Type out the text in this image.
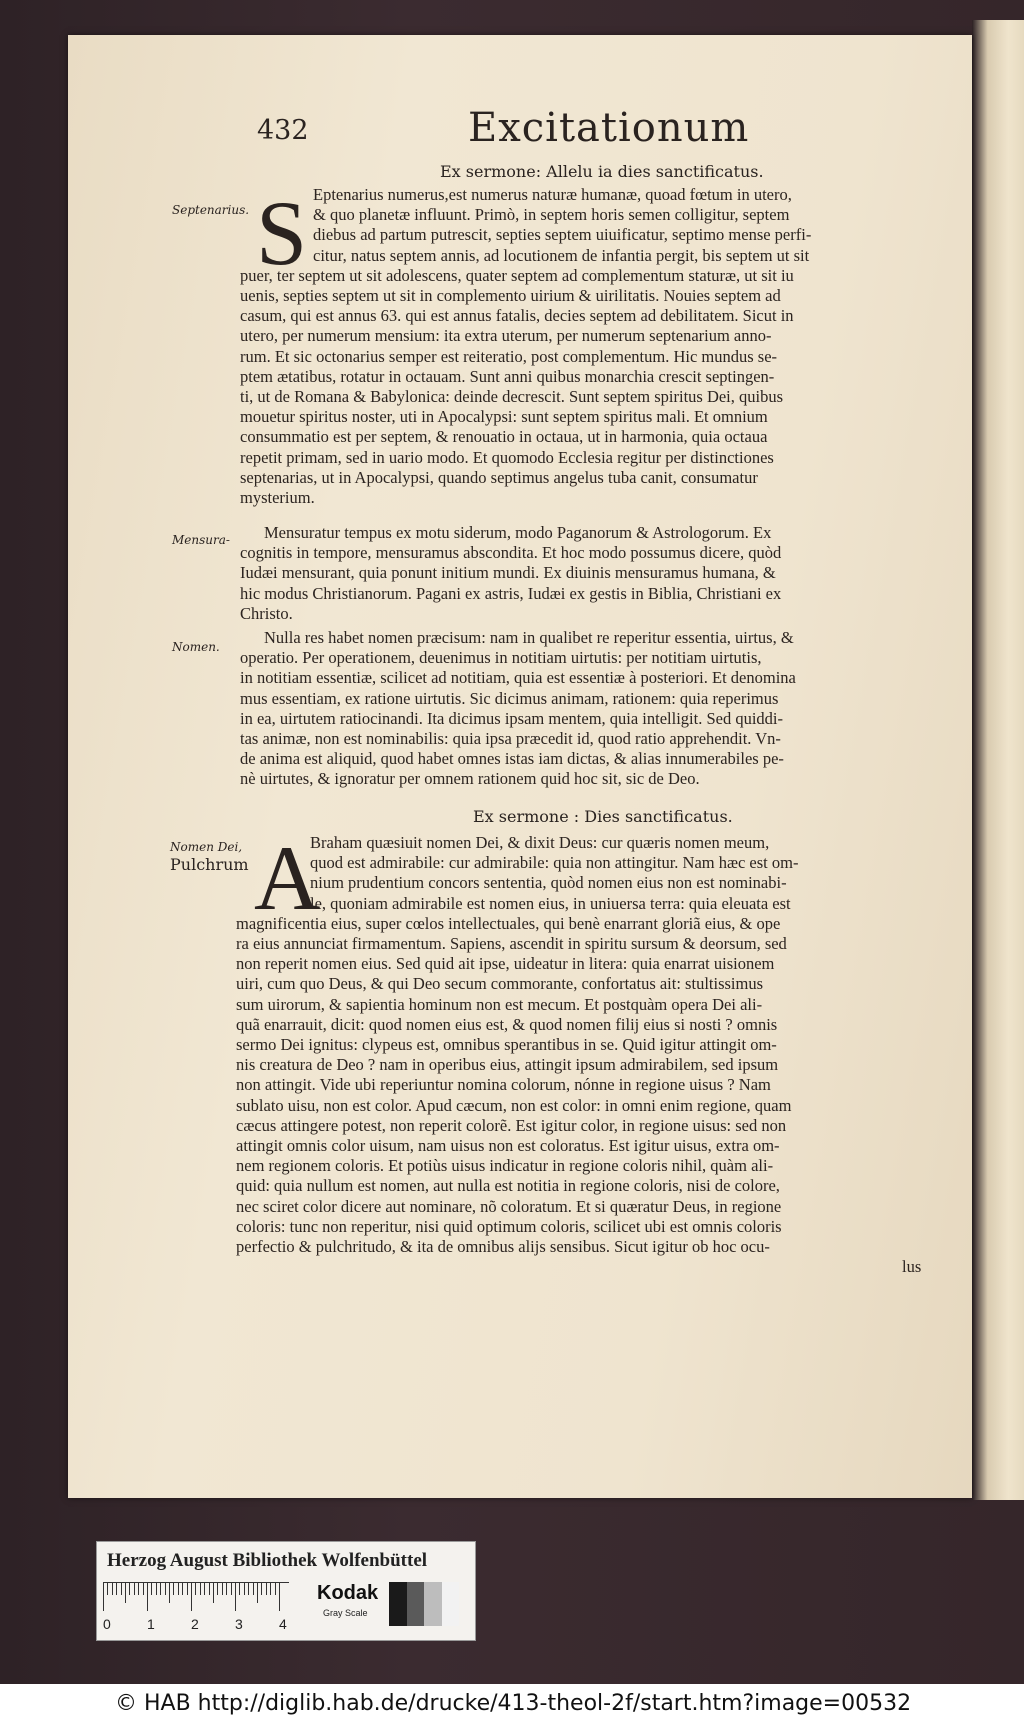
432	Excitationum
Ex sermone: Allelu ia dies sanctificatus.
Ex sermone : Dies sanctificatus.
Septenarius.
Mensura-
Nomen.
Nomen Dei,
Pulchrum
S
A
Eptenarius numerus,est numerus naturæ humanæ, quoad fœtum in utero,
& quo planetæ influunt. Primò, in septem horis semen colligitur, septem
diebus ad partum putrescit, septies septem uiuificatur, septimo mense perfi-
citur, natus septem annis, ad locutionem de infantia pergit, bis septem ut sit
puer, ter septem ut sit adolescens, quater septem ad complementum staturæ, ut sit iu
uenis, septies septem ut sit in complemento uirium & uirilitatis. Nouies septem ad
casum, qui est annus 63. qui est annus fatalis, decies septem ad debilitatem. Sicut in
utero, per numerum mensium: ita extra uterum, per numerum septenarium anno-
rum. Et sic octonarius semper est reiteratio, post complementum. Hic mundus se-
ptem ætatibus, rotatur in octauam. Sunt anni quibus monarchia crescit septingen-
ti, ut de Romana & Babylonica: deinde decrescit. Sunt septem spiritus Dei, quibus
mouetur spiritus noster, uti in Apocalypsi: sunt septem spiritus mali. Et omnium
consummatio est per septem, & renouatio in octaua, ut in harmonia, quia octaua
repetit primam, sed in uario modo. Et quomodo Ecclesia regitur per distinctiones
septenarias, ut in Apocalypsi, quando septimus angelus tuba canit, consumatur
mysterium.
Mensuratur tempus ex motu siderum, modo Paganorum & Astrologorum. Ex
cognitis in tempore, mensuramus abscondita. Et hoc modo possumus dicere, quòd
Iudæi mensurant, quia ponunt initium mundi. Ex diuinis mensuramus humana, &
hic modus Christianorum. Pagani ex astris, Iudæi ex gestis in Biblia, Christiani ex
Christo.
Nulla res habet nomen præcisum: nam in qualibet re reperitur essentia, uirtus, &
operatio. Per operationem, deuenimus in notitiam uirtutis: per notitiam uirtutis,
in notitiam essentiæ, scilicet ad notitiam, quia est essentiæ à posteriori. Et denomina
mus essentiam, ex ratione uirtutis. Sic dicimus animam, rationem: quia reperimus
in ea, uirtutem ratiocinandi. Ita dicimus ipsam mentem, quia intelligit. Sed quiddi-
tas animæ, non est nominabilis: quia ipsa præcedit id, quod ratio apprehendit. Vn-
de anima est aliquid, quod habet omnes istas iam dictas, & alias innumerabiles pe-
nè uirtutes, & ignoratur per omnem rationem quid hoc sit, sic de Deo.
Braham quæsiuit nomen Dei, & dixit Deus: cur quæris nomen meum,
quod est admirabile: cur admirabile: quia non attingitur. Nam hæc est om-
nium prudentium concors sententia, quòd nomen eius non est nominabi-
le, quoniam admirabile est nomen eius, in uniuersa terra: quia eleuata est
magnificentia eius, super cœlos intellectuales, qui benè enarrant gloriã eius, & ope
ra eius annunciat firmamentum. Sapiens, ascendit in spiritu sursum & deorsum, sed
non reperit nomen eius. Sed quid ait ipse, uideatur in litera: quia enarrat uisionem
uiri, cum quo Deus, & qui Deo secum commorante, confortatus ait: stultissimus
sum uirorum, & sapientia hominum non est mecum. Et postquàm opera Dei ali-
quã enarrauit, dicit: quod nomen eius est, & quod nomen filij eius si nosti ? omnis
sermo Dei ignitus: clypeus est, omnibus sperantibus in se. Quid igitur attingit om-
nis creatura de Deo ? nam in operibus eius, attingit ipsum admirabilem, sed ipsum
non attingit. Vide ubi reperiuntur nomina colorum, nónne in regione uisus ? Nam
sublato uisu, non est color. Apud cæcum, non est color: in omni enim regione, quam
cæcus attingere potest, non reperit colorẽ. Est igitur color, in regione uisus: sed non
attingit omnis color uisum, nam uisus non est coloratus. Est igitur uisus, extra om-
nem regionem coloris. Et potiùs uisus indicatur in regione coloris nihil, quàm ali-
quid: quia nullum est nomen, aut nulla est notitia in regione coloris, nisi de colore,
nec sciret color dicere aut nominare, nõ coloratum. Et si quæratur Deus, in regione
coloris: tunc non reperitur, nisi quid optimum coloris, scilicet ubi est omnis coloris
perfectio & pulchritudo, & ita de omnibus alijs sensibus. Sicut igitur ob hoc ocu-
lus
Herzog August Bibliothek Wolfenbüttel
0	1	2	3	4
Kodak
Gray Scale
© HAB http://diglib.hab.de/drucke/413-theol-2f/start.htm?image=00532
